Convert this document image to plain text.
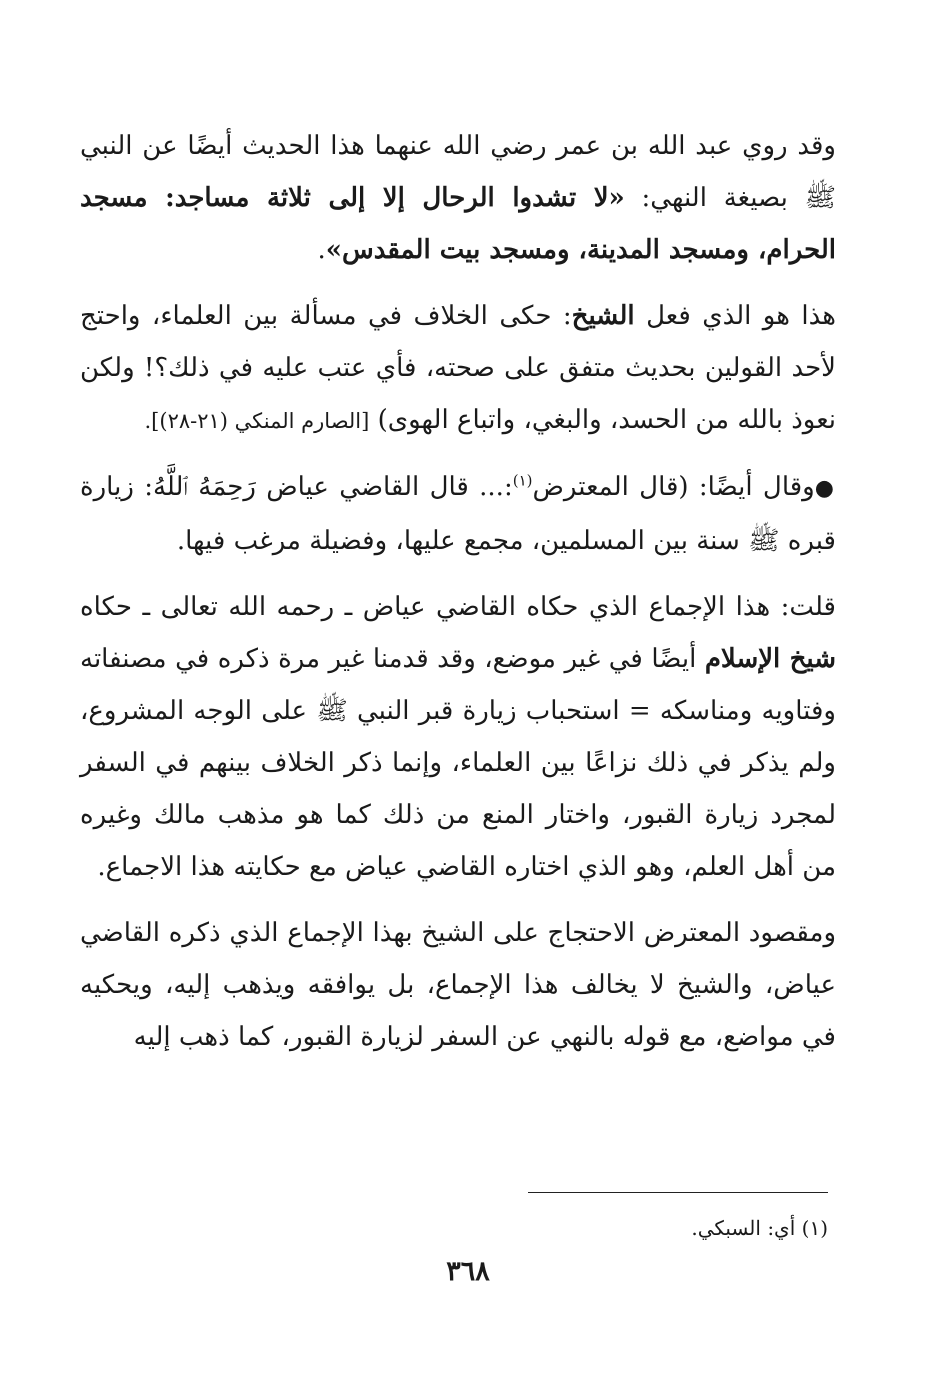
وقد روي عبد الله بن عمر رضي الله عنهما هذا الحديث أيضًا عن النبي ﷺ بصيغة النهي: «لا تشدوا الرحال إلا إلى ثلاثة مساجد: مسجد الحرام، ومسجد المدينة، ومسجد بيت المقدس».

هذا هو الذي فعل الشيخ: حكى الخلاف في مسألة بين العلماء، واحتج لأحد القولين بحديث متفق على صحته، فأي عتب عليه في ذلك؟! ولكن نعوذ بالله من الحسد، والبغي، واتباع الهوى) [الصارم المنكي (٢١-٢٨)].

●وقال أيضًا: (قال المعترض$^{(١)}$:... قال القاضي عياض رَحِمَهُ ٱللَّهُ: زيارة قبره ﷺ سنة بين المسلمين، مجمع عليها، وفضيلة مرغب فيها.

قلت: هذا الإجماع الذي حكاه القاضي عياض ـ رحمه الله تعالى ـ حكاه شيخ الإسلام أيضًا في غير موضع، وقد قدمنا غير مرة ذكره في مصنفاته وفتاويه ومناسكه = استحباب زيارة قبر النبي ﷺ على الوجه المشروع، ولم يذكر في ذلك نزاعًا بين العلماء، وإنما ذكر الخلاف بينهم في السفر لمجرد زيارة القبور، واختار المنع من ذلك كما هو مذهب مالك وغيره من أهل العلم، وهو الذي اختاره القاضي عياض مع حكايته هذا الاجماع.

ومقصود المعترض الاحتجاج على الشيخ بهذا الإجماع الذي ذكره القاضي عياض، والشيخ لا يخالف هذا الإجماع، بل يوافقه ويذهب إليه، ويحكيه في مواضع، مع قوله بالنهي عن السفر لزيارة القبور، كما ذهب إليه

(١) أي: السبكي.
٣٦٨
